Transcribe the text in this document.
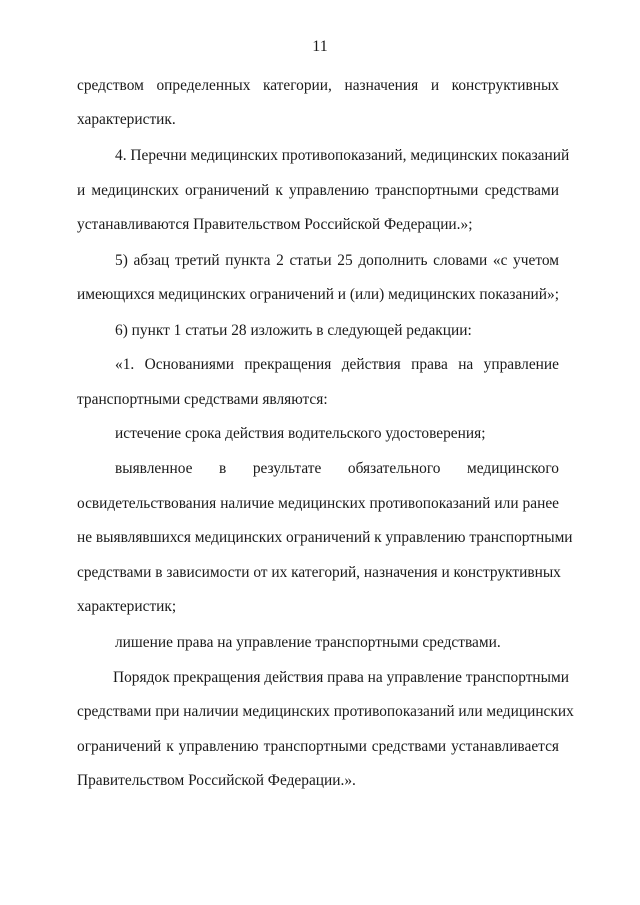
11
средством определенных категории, назначения и конструктивных
характеристик.
4. Перечни медицинских противопоказаний, медицинских показаний
и медицинских ограничений к управлению транспортными средствами
устанавливаются Правительством Российской Федерации.»;
5) абзац третий пункта 2 статьи 25 дополнить словами «с учетом
имеющихся медицинских ограничений и (или) медицинских показаний»;
6) пункт 1 статьи 28 изложить в следующей редакции:
«1. Основаниями прекращения действия права на управление
транспортными средствами являются:
истечение срока действия водительского удостоверения;
выявленное в результате обязательного медицинского
освидетельствования наличие медицинских противопоказаний или ранее
не выявлявшихся медицинских ограничений к управлению транспортными
средствами в зависимости от их категорий, назначения и конструктивных
характеристик;
лишение права на управление транспортными средствами.
Порядок прекращения действия права на управление транспортными
средствами при наличии медицинских противопоказаний или медицинских
ограничений к управлению транспортными средствами устанавливается
Правительством Российской Федерации.».
